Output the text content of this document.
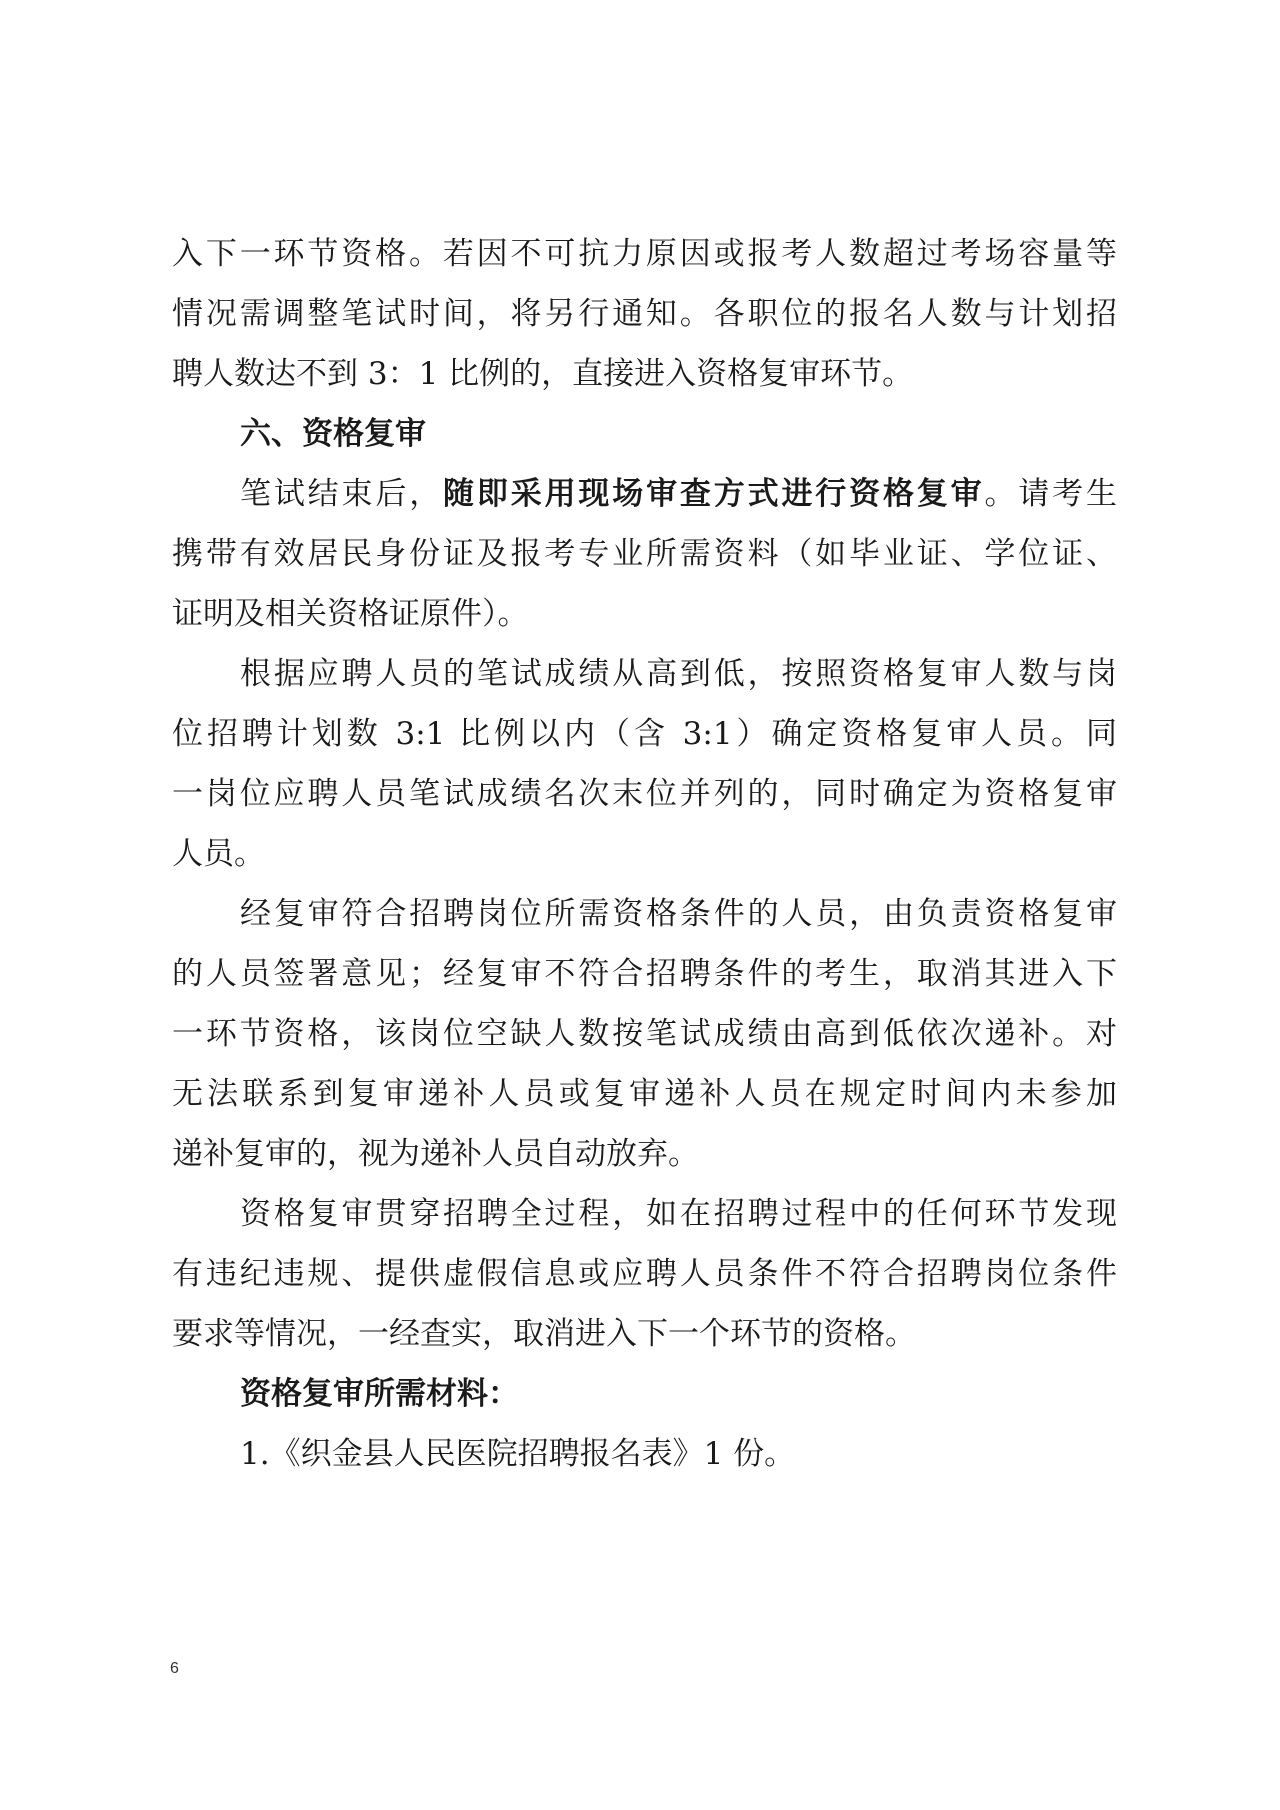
入下一环节资格。若因不可抗力原因或报考人数超过考场容量等
情况需调整笔试时间，将另行通知。各职位的报名人数与计划招
聘人数达不到 3：1 比例的，直接进入资格复审环节。
六、资格复审
笔试结束后，随即采用现场审查方式进行资格复审。请考生
携带有效居民身份证及报考专业所需资料（如毕业证、学位证、
证明及相关资格证原件）。
根据应聘人员的笔试成绩从高到低，按照资格复审人数与岗
位招聘计划数 3:1 比例以内（含 3:1）确定资格复审人员。同
一岗位应聘人员笔试成绩名次末位并列的，同时确定为资格复审
人员。
经复审符合招聘岗位所需资格条件的人员，由负责资格复审
的人员签署意见；经复审不符合招聘条件的考生，取消其进入下
一环节资格，该岗位空缺人数按笔试成绩由高到低依次递补。对
无法联系到复审递补人员或复审递补人员在规定时间内未参加
递补复审的，视为递补人员自动放弃。
资格复审贯穿招聘全过程，如在招聘过程中的任何环节发现
有违纪违规、提供虚假信息或应聘人员条件不符合招聘岗位条件
要求等情况，一经查实，取消进入下一个环节的资格。
资格复审所需材料：
1.《织金县人民医院招聘报名表》1 份。
6
